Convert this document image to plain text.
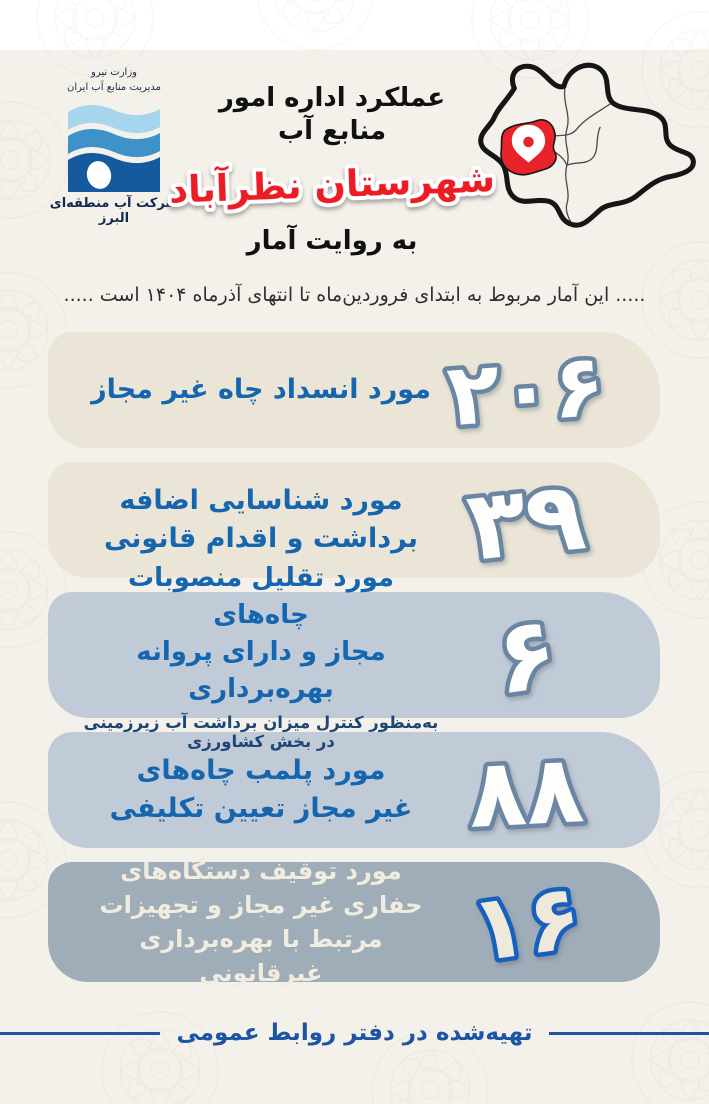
وزارت نیرو
مدیریت منابع آب ایران
شرکت آب منطقه‌ای البرز
عملکرد اداره امور منابع آب
شهرستان نظرآباد
به روایت آمار
..... این آمار مربوط به ابتدای فروردین‌ماه تا انتهای آذرماه ۱۴۰۴ است .....
۲۰۶
مورد انسداد چاه غیر مجاز
۳۹
مورد شناسایی اضافه
برداشت و اقدام قانونی
۶
مورد تقلیل منصوبات چاه‌های
مجاز و دارای پروانه بهره‌برداری
به‌منظور کنترل میزان برداشت آب زیرزمینی در بخش کشاورزی	۸۸
مورد پلمب چاه‌های
غیر مجاز تعیین تکلیفی
۱۶
مورد توقیف دستگاه‌های
حفاری غیر مجاز و تجهیزات
مرتبط با بهره‌برداری غیرقانونی
تهیه‌شده در دفتر روابط عمومی
